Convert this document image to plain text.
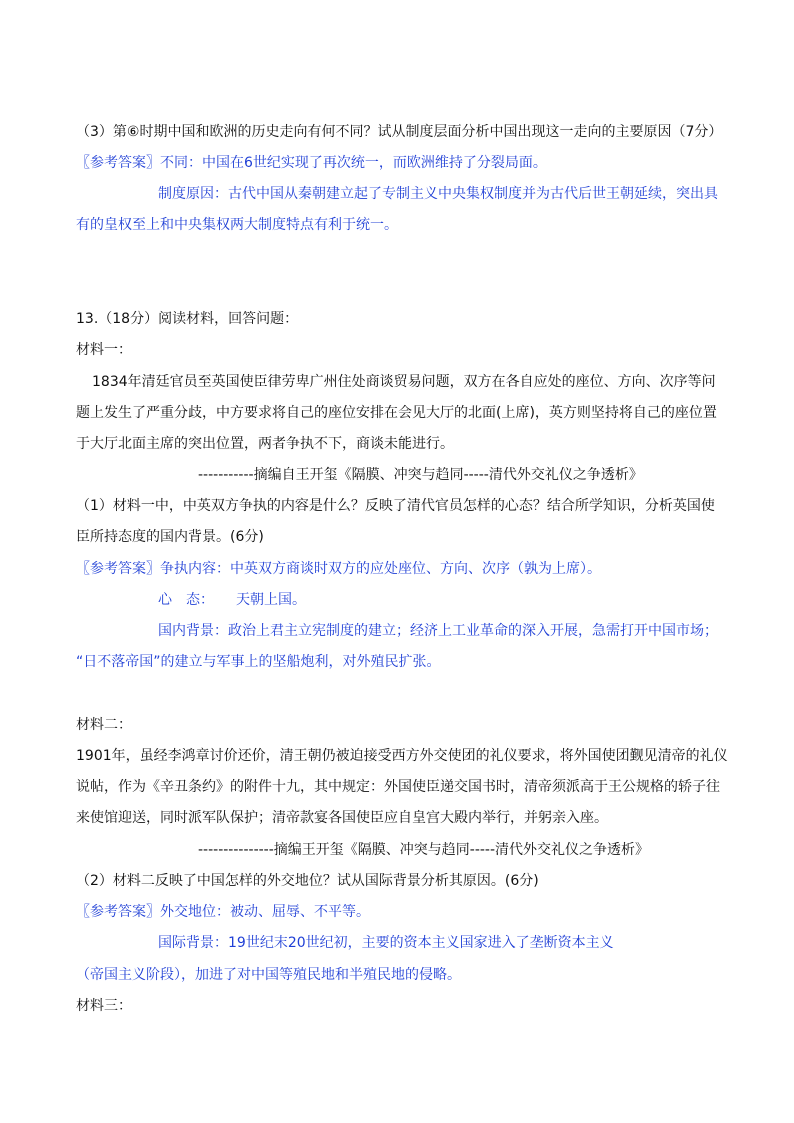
（3）第⑥时期中国和欧洲的历史走向有何不同？试从制度层面分析中国出现这一走向的主要原因（7分）
〖参考答案〗不同：中国在6世纪实现了再次统一，而欧洲维持了分裂局面。
制度原因：古代中国从秦朝建立起了专制主义中央集权制度并为古代后世王朝延续，突出具
有的皇权至上和中央集权两大制度特点有利于统一。
13.（18分）阅读材料，回答问题：
材料一：
1834年清廷官员至英国使臣律劳卑广州住处商谈贸易问题，双方在各自应处的座位、方向、次序等问
题上发生了严重分歧，中方要求将自己的座位安排在会见大厅的北面(上席)，英方则坚持将自己的座位置
于大厅北面主席的突出位置，两者争执不下，商谈未能进行。
-----------摘编自王开玺《隔膜、冲突与趋同-----清代外交礼仪之争透析》
（1）材料一中，中英双方争执的内容是什么？反映了清代官员怎样的心态？结合所学知识，分析英国使
臣所持态度的国内背景。(6分)
〖参考答案〗争执内容：中英双方商谈时双方的应处座位、方向、次序（孰为上席）。
心　态： 天朝上国。
国内背景：政治上君主立宪制度的建立；经济上工业革命的深入开展，急需打开中国市场；
“日不落帝国”的建立与军事上的坚船炮利，对外殖民扩张。
材料二：
1901年，虽经李鸿章讨价还价，清王朝仍被迫接受西方外交使团的礼仪要求，将外国使团觐见清帝的礼仪
说帖，作为《辛丑条约》的附件十九，其中规定：外国使臣递交国书时，清帝须派高于王公规格的轿子往
来使馆迎送，同时派军队保护；清帝款宴各国使臣应自皇宫大殿内举行，并躬亲入座。
---------------摘编王开玺《隔膜、冲突与趋同-----清代外交礼仪之争透析》
（2）材料二反映了中国怎样的外交地位？试从国际背景分析其原因。(6分)
〖参考答案〗外交地位：被动、屈辱、不平等。
国际背景：19世纪末20世纪初，主要的资本主义国家进入了垄断资本主义
（帝国主义阶段），加进了对中国等殖民地和半殖民地的侵略。
材料三：
